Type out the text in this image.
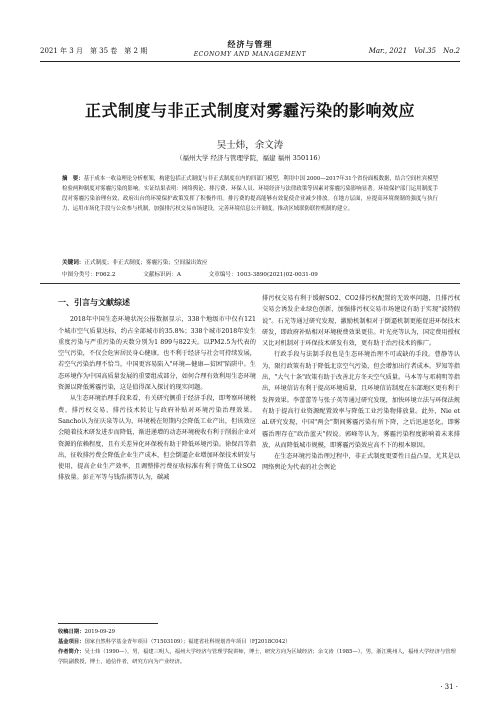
2021 年 3 月　第 35 卷　第 2 期
经济与管理
ECONOMY AND MANAGEMENT	Mar., 2021　Vol.35　No.2
正式制度与非正式制度对雾霾污染的影响效应
吴士炜，余文涛
（福州大学 经济与管理学院，福建 福州 350116）
摘　要：基于成本一收益理论分析框架，构建包括正式制度与非正式制度在内的四部门模型，利用中国 2000—2017年31个省份面板数据，结合空间杜宾模型检验两种制度对雾霾污染的影响。实证结果表明：网络舆论、排污费、环保人员、环境经济与法律政策等因素对雾霾污染影响显著。环境保护部门运用制度手段对雾霾污染治理有效，政府出台的环境保护政策发挥了积极作用。排污费的提高能够有效促使企业减少排放。在地方层面，应提高环境规制的强度与执行力，运用市场化手段与公众参与机制，加强排污权交易市场建设，完善环境信息公开制度，推动区域联防联控机制的建立。
关键词：正式制度；非正式制度；雾霾污染；空间溢出效应
中图分类号：F062.2	文献标识码：A	文章编号：1003-3890(2021)02-0031-09
一、引言与文献综述

2018年中国生态环境状况公报数据显示，338个地级市中仅有121个城市空气质量达标，约占全部城市的35.8%；338个城市2018年发生重度污染与严重污染的天数分别为1 899与822天。以PM2.5为代表的空气污染，不仅会危害居民身心健康，也不利于经济与社会可持续发展，若空气污染治理不恰当，中国更容易陷入"环境—健康—贫困"陷阱中。生态环境作为中国高质量发展的重要组成部分，如何合理有效利用生态环境资源以降低雾霾污染，这是值得深入探讨的现实问题。

从生态环境治理手段来看，有关研究侧重于经济手段，即考察环境税费、排污权交易、排污技术转让与政府补贴对环境污染治理效果。Sancho认为征庆泉等认为，环境税在短期内会降低工业产出，但该效应会随着技术研发进步而降低，渐进递增的动态环境税收有利于削弱企业对资源的依赖程度，且有关差异化环保税有助于降低环境污染。徐保昌等指出，征收排污费会降低企业生产成本，但会倒逼企业增加环保技术研发与使用，提高企业生产效率，且调整排污费征收标准有利于降低工业SO2排放量。彭正军等与钱浩祺等认为，碳减

排污权交易有利于缓解SO2、CO2排污权配置的无效率问题，且排污权交易会诱发企业绿色创新，加强排污权交易市场建设有助于实现"波特假说"。石光等通过研究发现，激励机制相对于倒逼机制更能促进环保技术研发，即政府补贴相对环境税费效果更佳。叶光亮等认为，国定费用授权又比对机制对于环保技术研发有效，更有助于治污技术的推广。

行政手段与法制手段也是生态环境治理不可或缺的手段。曹静等认为，限行政策有助于降低北京空气污染，但会增加出行者成本。罗知等指出，"大气十条"政策有助于改善北方冬天空气质量。马本等与邓莉明等指出，环境信访有利于提高环境质量，且环境信访制度在东部地区更有利于发挥效果。李蕾蕾等与张子英等通过研究发现，加快环境立法与环保法规有助于提高行业资源配置效率与降低工业污染物排放量。此外，Nie et al.研究发现，中国"两会"期间雾霾污染有所下降，之后迅速恶化，即雾霾治理存在"政治蓝天"假说。郭峰等认为，雾霾污染程度影响着未来排放，从而降低城市规模，即雾霾污染效应高不下的根本原因。

在生态环境污染治理过程中，非正式制度更要性日益凸显，尤其是以网络舆论为代表的社会舆论

收稿日期：2019-09-29
基金项目：国家自然科学基金青年项目（71503109）；福建省社科规划青年项目（FJ2018C042）
作者简介：吴士炜（1990—），男，福建三明人，福州大学经济与管理学院讲师，博士，研究方向为区域经济；余文涛（1985—），男，浙江桃州人，福州大学经济与管理学院副教授，博士，通信作者，研究方向为产业经济。
· 31 ·
